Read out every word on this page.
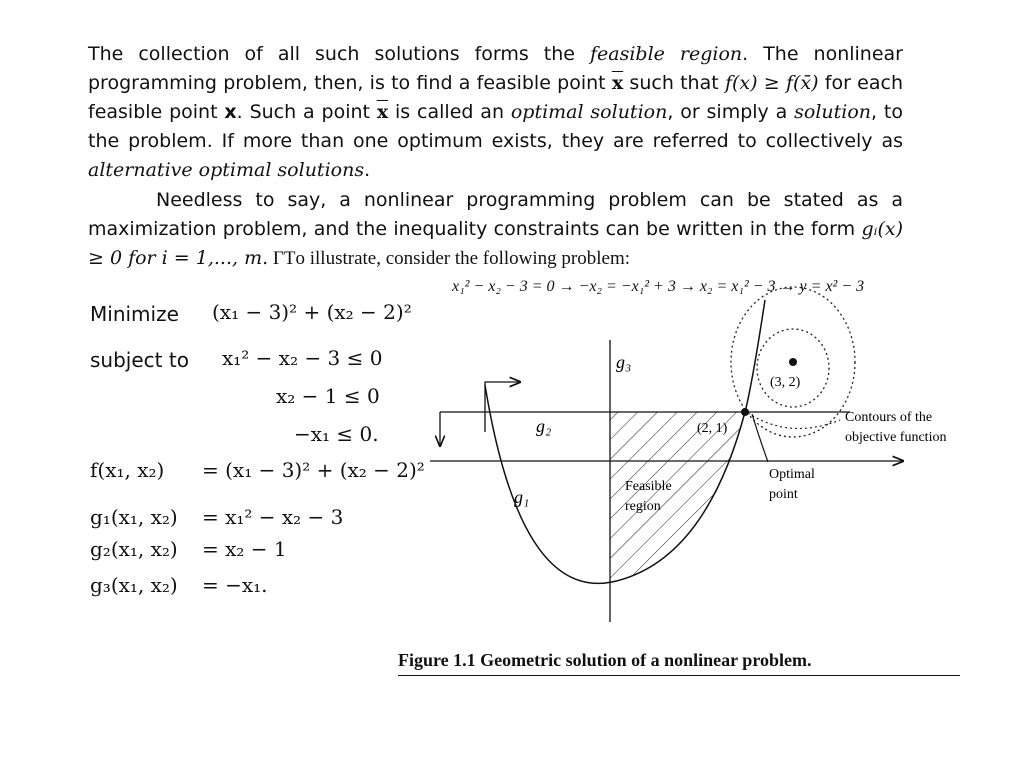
The collection of all such solutions forms the feasible region. The nonlinear programming problem, then, is to find a feasible point $\overline{x}$ such that f(x) ≥ f(x̄) for each feasible point x. Such a point $\overline{x}$ is called an optimal solution, or simply a solution, to the problem. If more than one optimum exists, they are referred to collectively as alternative optimal solutions.

Needless to say, a nonlinear programming problem can be stated as a maximization problem, and the inequality constraints can be written in the form gᵢ(x) ≥ 0 for i = 1,..., m. ГТo illustrate, consider the following problem:

x₁² − x₂ − 3 = 0 → −x₂ = −x₁² + 3 → x₂ = x₁² − 3 → y = x² − 3
Minimize (x₁ − 3)² + (x₂ − 2)²
subject to x₁² − x₂ − 3 ≤ 0
x₂ − 1 ≤ 0
−x₁ ≤ 0.
f(x₁, x₂) = (x₁ − 3)² + (x₂ − 2)²
g₁(x₁, x₂) = x₁² − x₂ − 3
g₂(x₁, x₂) = x₂ − 1
g₃(x₁, x₂) = −x₁.
g₃
g₂
g₁
(3, 2)
(2, 1)
Feasible
region
Optimal
point
Contours of the
objective function
Figure 1.1 Geometric solution of a nonlinear problem.
